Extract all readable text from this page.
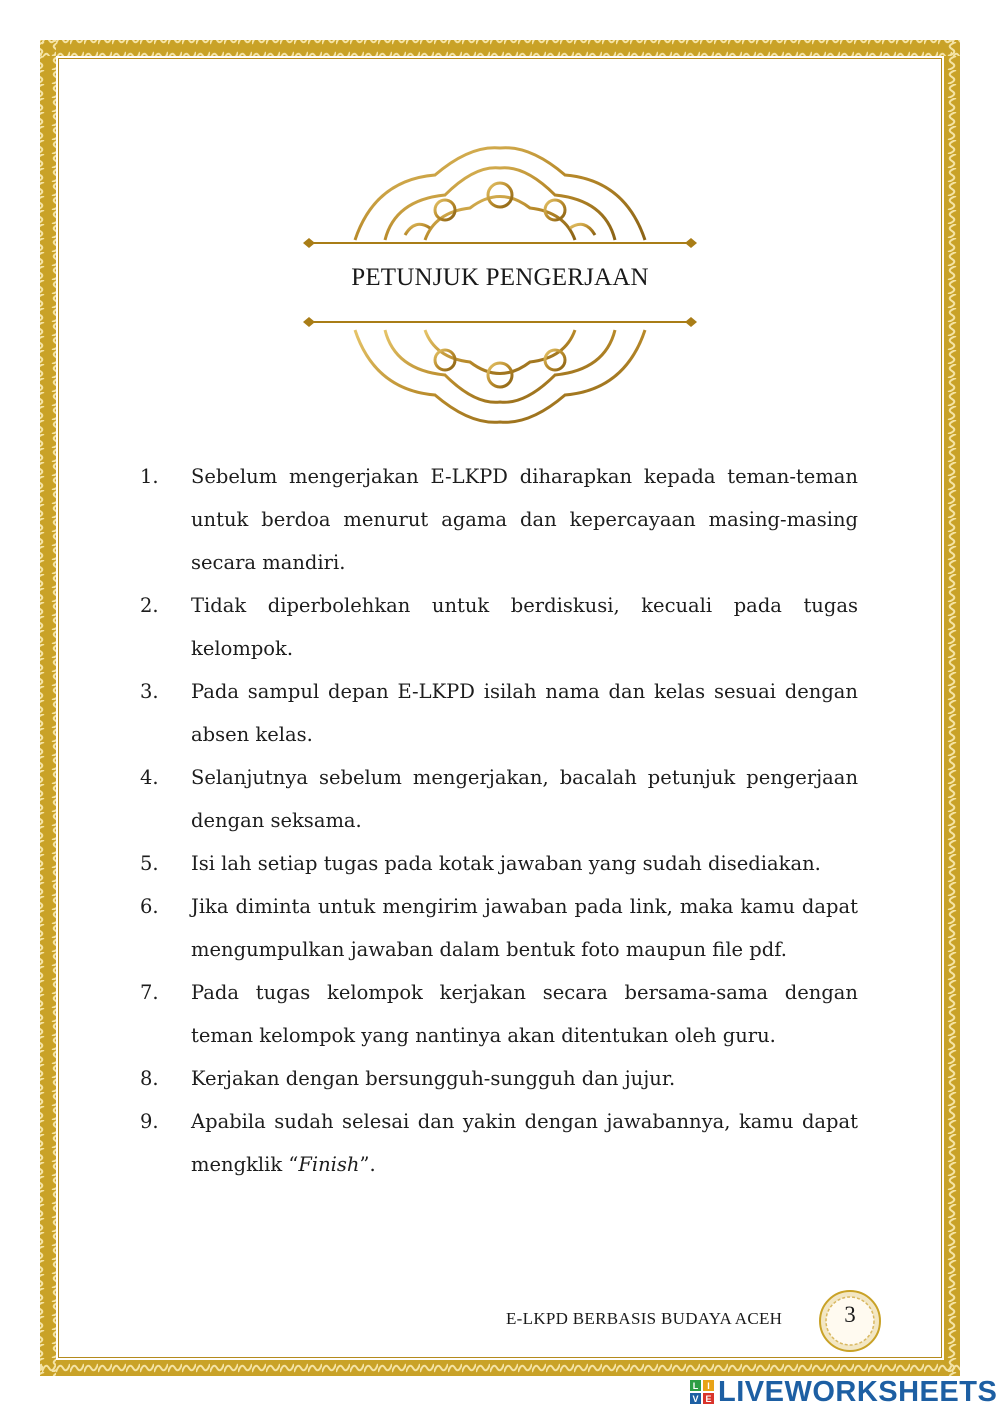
PETUNJUK PENGERJAAN
1. Sebelum mengerjakan E-LKPD diharapkan kepada teman-teman untuk berdoa menurut agama dan kepercayaan masing-masing secara mandiri.
2. Tidak diperbolehkan untuk berdiskusi, kecuali pada tugas kelompok.
3. Pada sampul depan E-LKPD isilah nama dan kelas sesuai dengan absen kelas.
4. Selanjutnya sebelum mengerjakan, bacalah petunjuk pengerjaan dengan seksama.
5. Isi lah setiap tugas pada kotak jawaban yang sudah disediakan.
6. Jika diminta untuk mengirim jawaban pada link, maka kamu dapat mengumpulkan jawaban dalam bentuk foto maupun file pdf.
7. Pada tugas kelompok kerjakan secara bersama-sama dengan teman kelompok yang nantinya akan ditentukan oleh guru.
8. Kerjakan dengan bersungguh-sungguh dan jujur.
9. Apabila sudah selesai dan yakin dengan jawabannya, kamu dapat mengklik “Finish”.
E-LKPD BERBASIS BUDAYA ACEH	3
L I
V E LIVEWORKSHEETS
